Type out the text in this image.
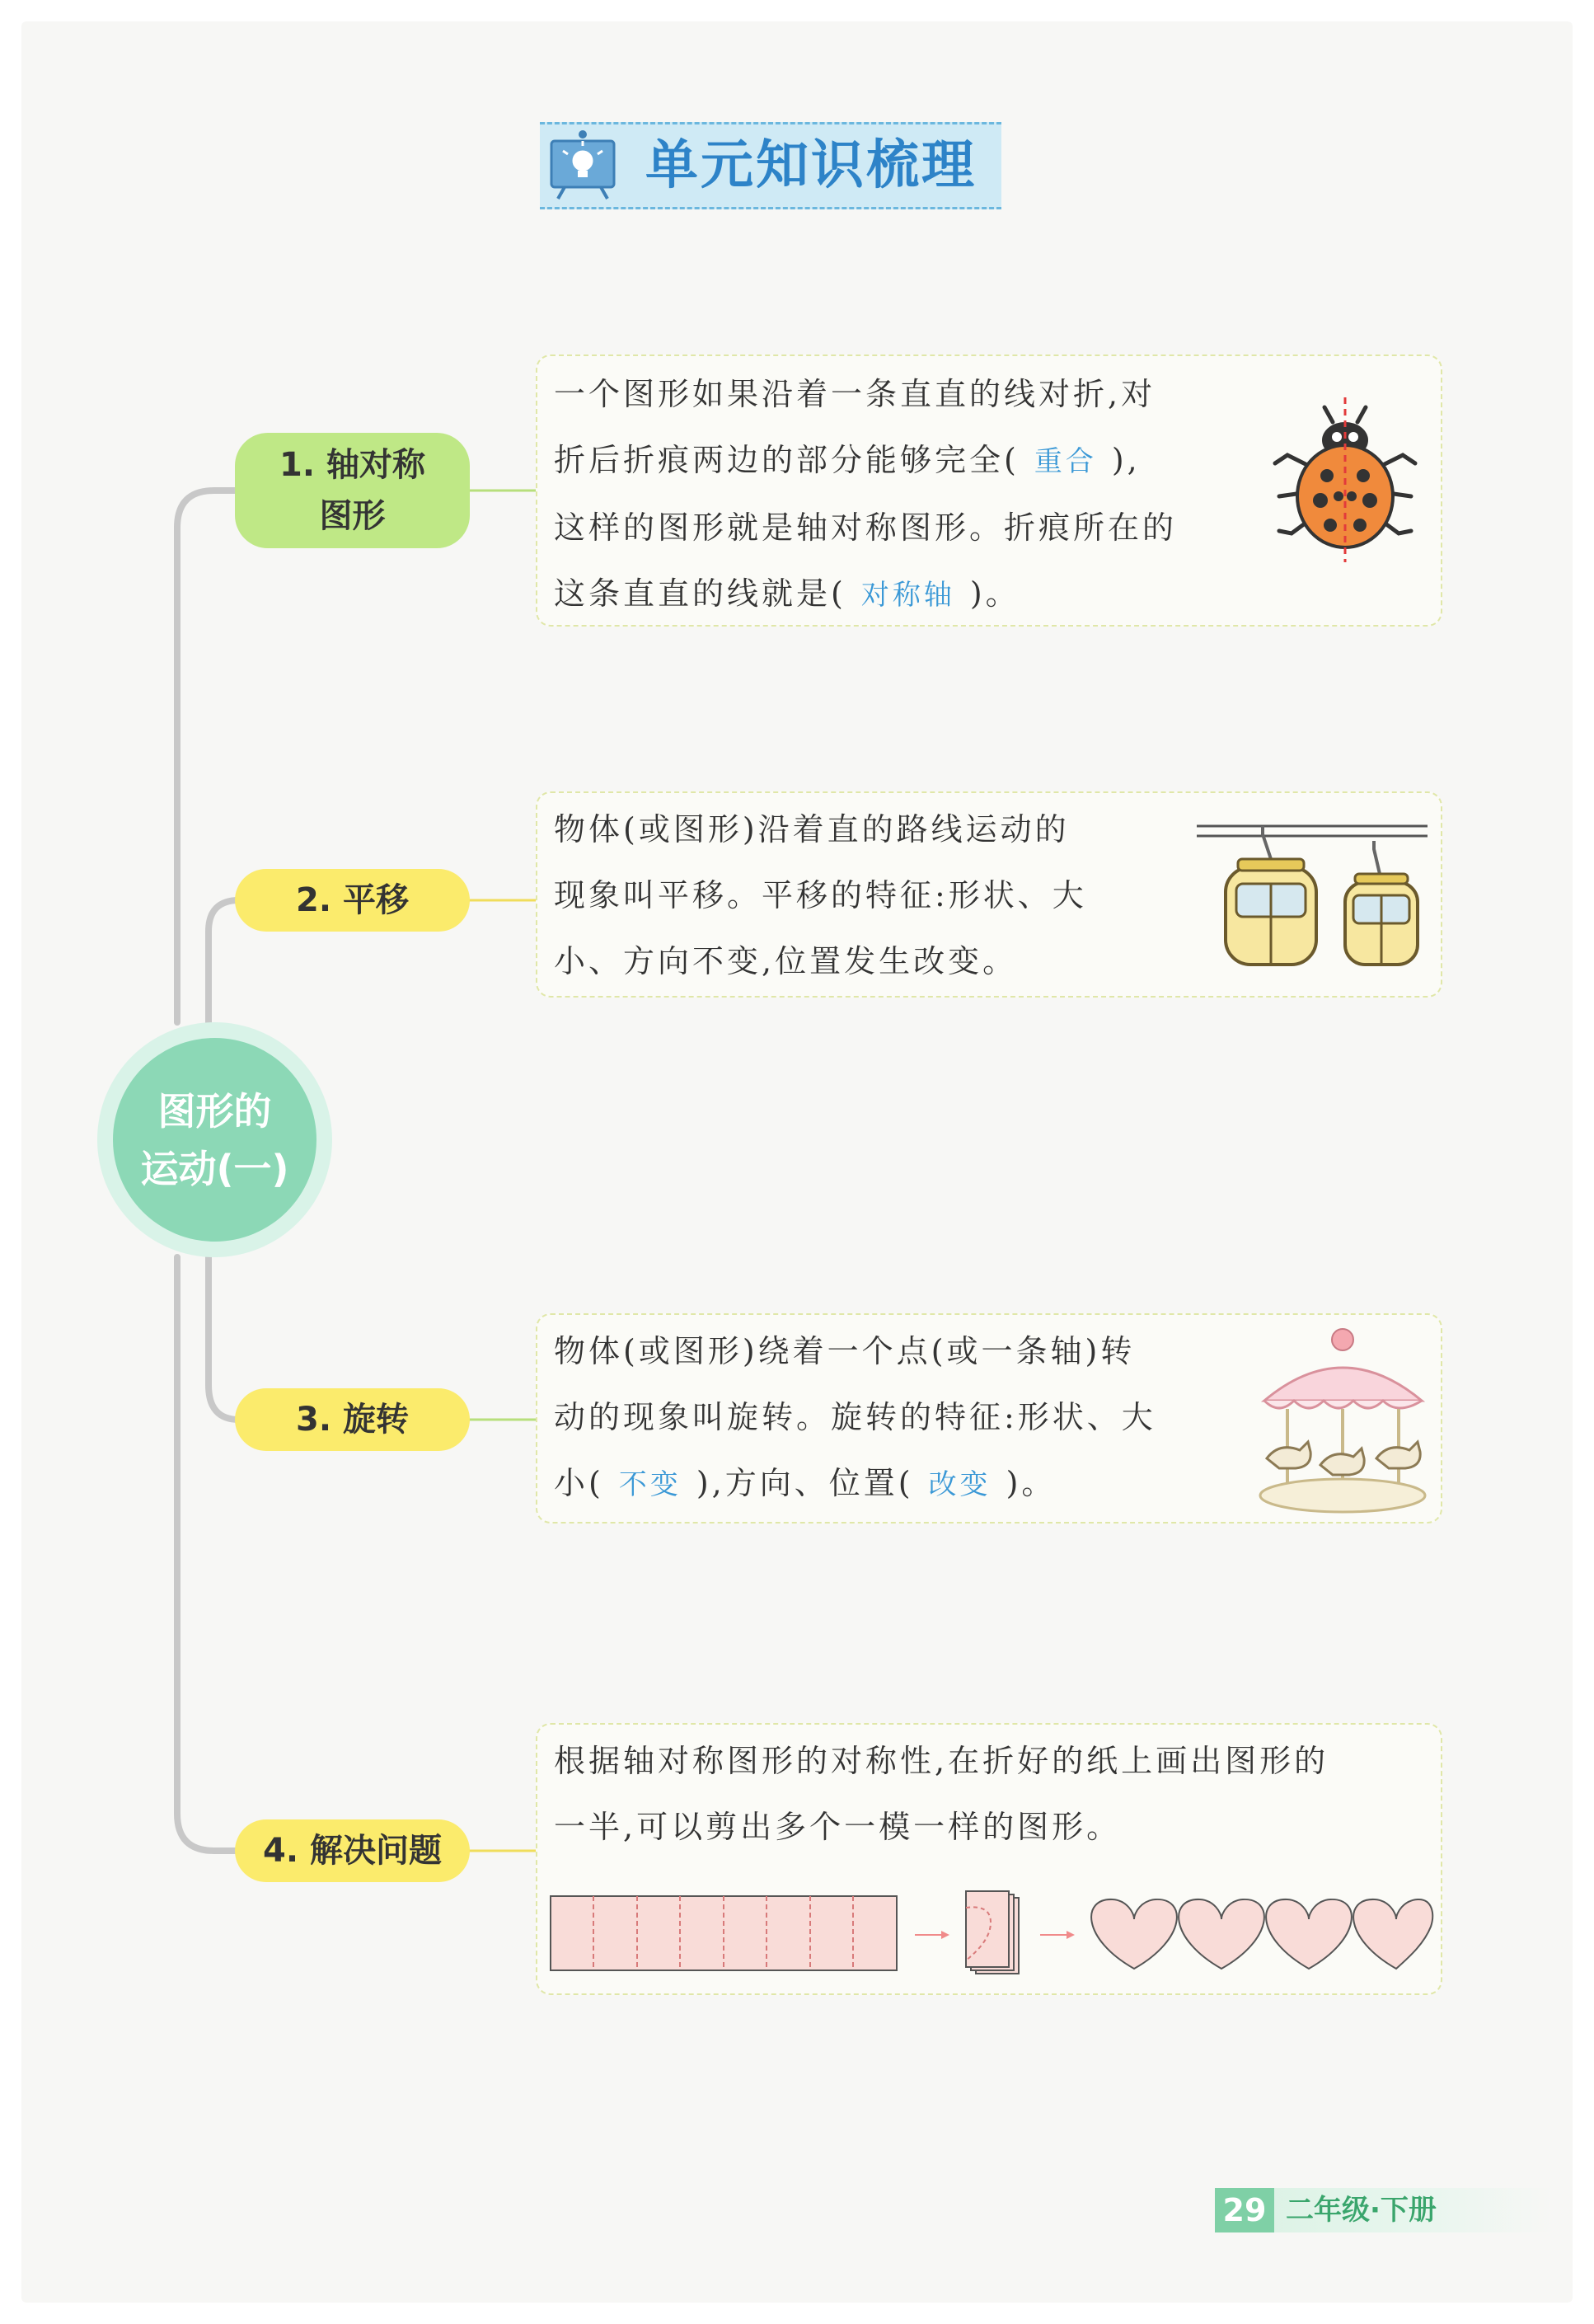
单元知识梳理
图形的
运动(一)
1. 轴对称
图形
2. 平移
3. 旋转
4. 解决问题
一个图形如果沿着一条直直的线对折,对
折后折痕两边的部分能够完全( 重合 ),
这样的图形就是轴对称图形。折痕所在的
这条直直的线就是( 对称轴 )。
物体(或图形)沿着直的路线运动的
现象叫平移。平移的特征:形状、大
小、方向不变,位置发生改变。
物体(或图形)绕着一个点(或一条轴)转
动的现象叫旋转。旋转的特征:形状、大
小( 不变 ),方向、位置( 改变 )。
根据轴对称图形的对称性,在折好的纸上画出图形的
一半,可以剪出多个一模一样的图形。
29 二年级·下册
